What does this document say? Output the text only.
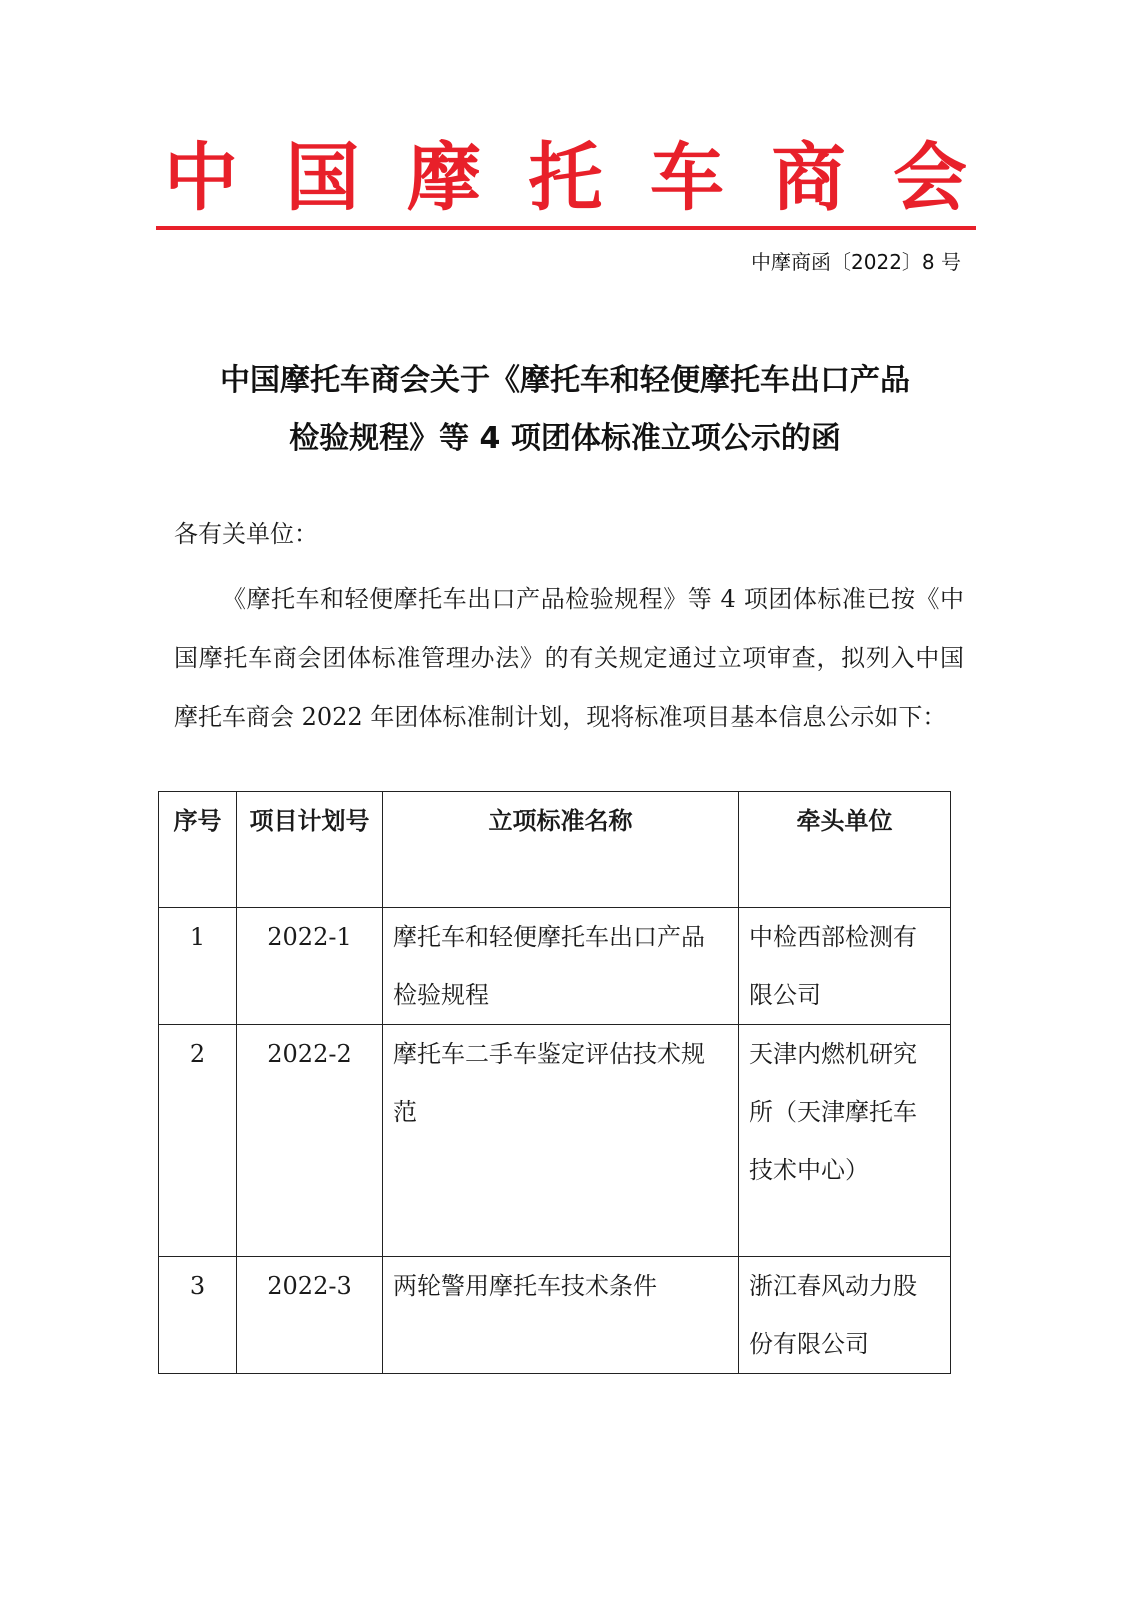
中 国 摩 托 车 商 会
中摩商函〔2022〕8 号
中国摩托车商会关于《摩托车和轻便摩托车出口产品
检验规程》等 4 项团体标准立项公示的函
各有关单位：
《摩托车和轻便摩托车出口产品检验规程》等 4 项团体标准已按《中国摩托车商会团体标准管理办法》的有关规定通过立项审查，拟列入中国摩托车商会 2022 年团体标准制计划，现将标准项目基本信息公示如下：
序号	项目计划号	立项标准名称	牵头单位
1	2022-1	摩托车和轻便摩托车出口产品检验规程	中检西部检测有限公司
2	2022-2	摩托车二手车鉴定评估技术规范	天津内燃机研究所（天津摩托车技术中心）
3	2022-3	两轮警用摩托车技术条件	浙江春风动力股份有限公司
